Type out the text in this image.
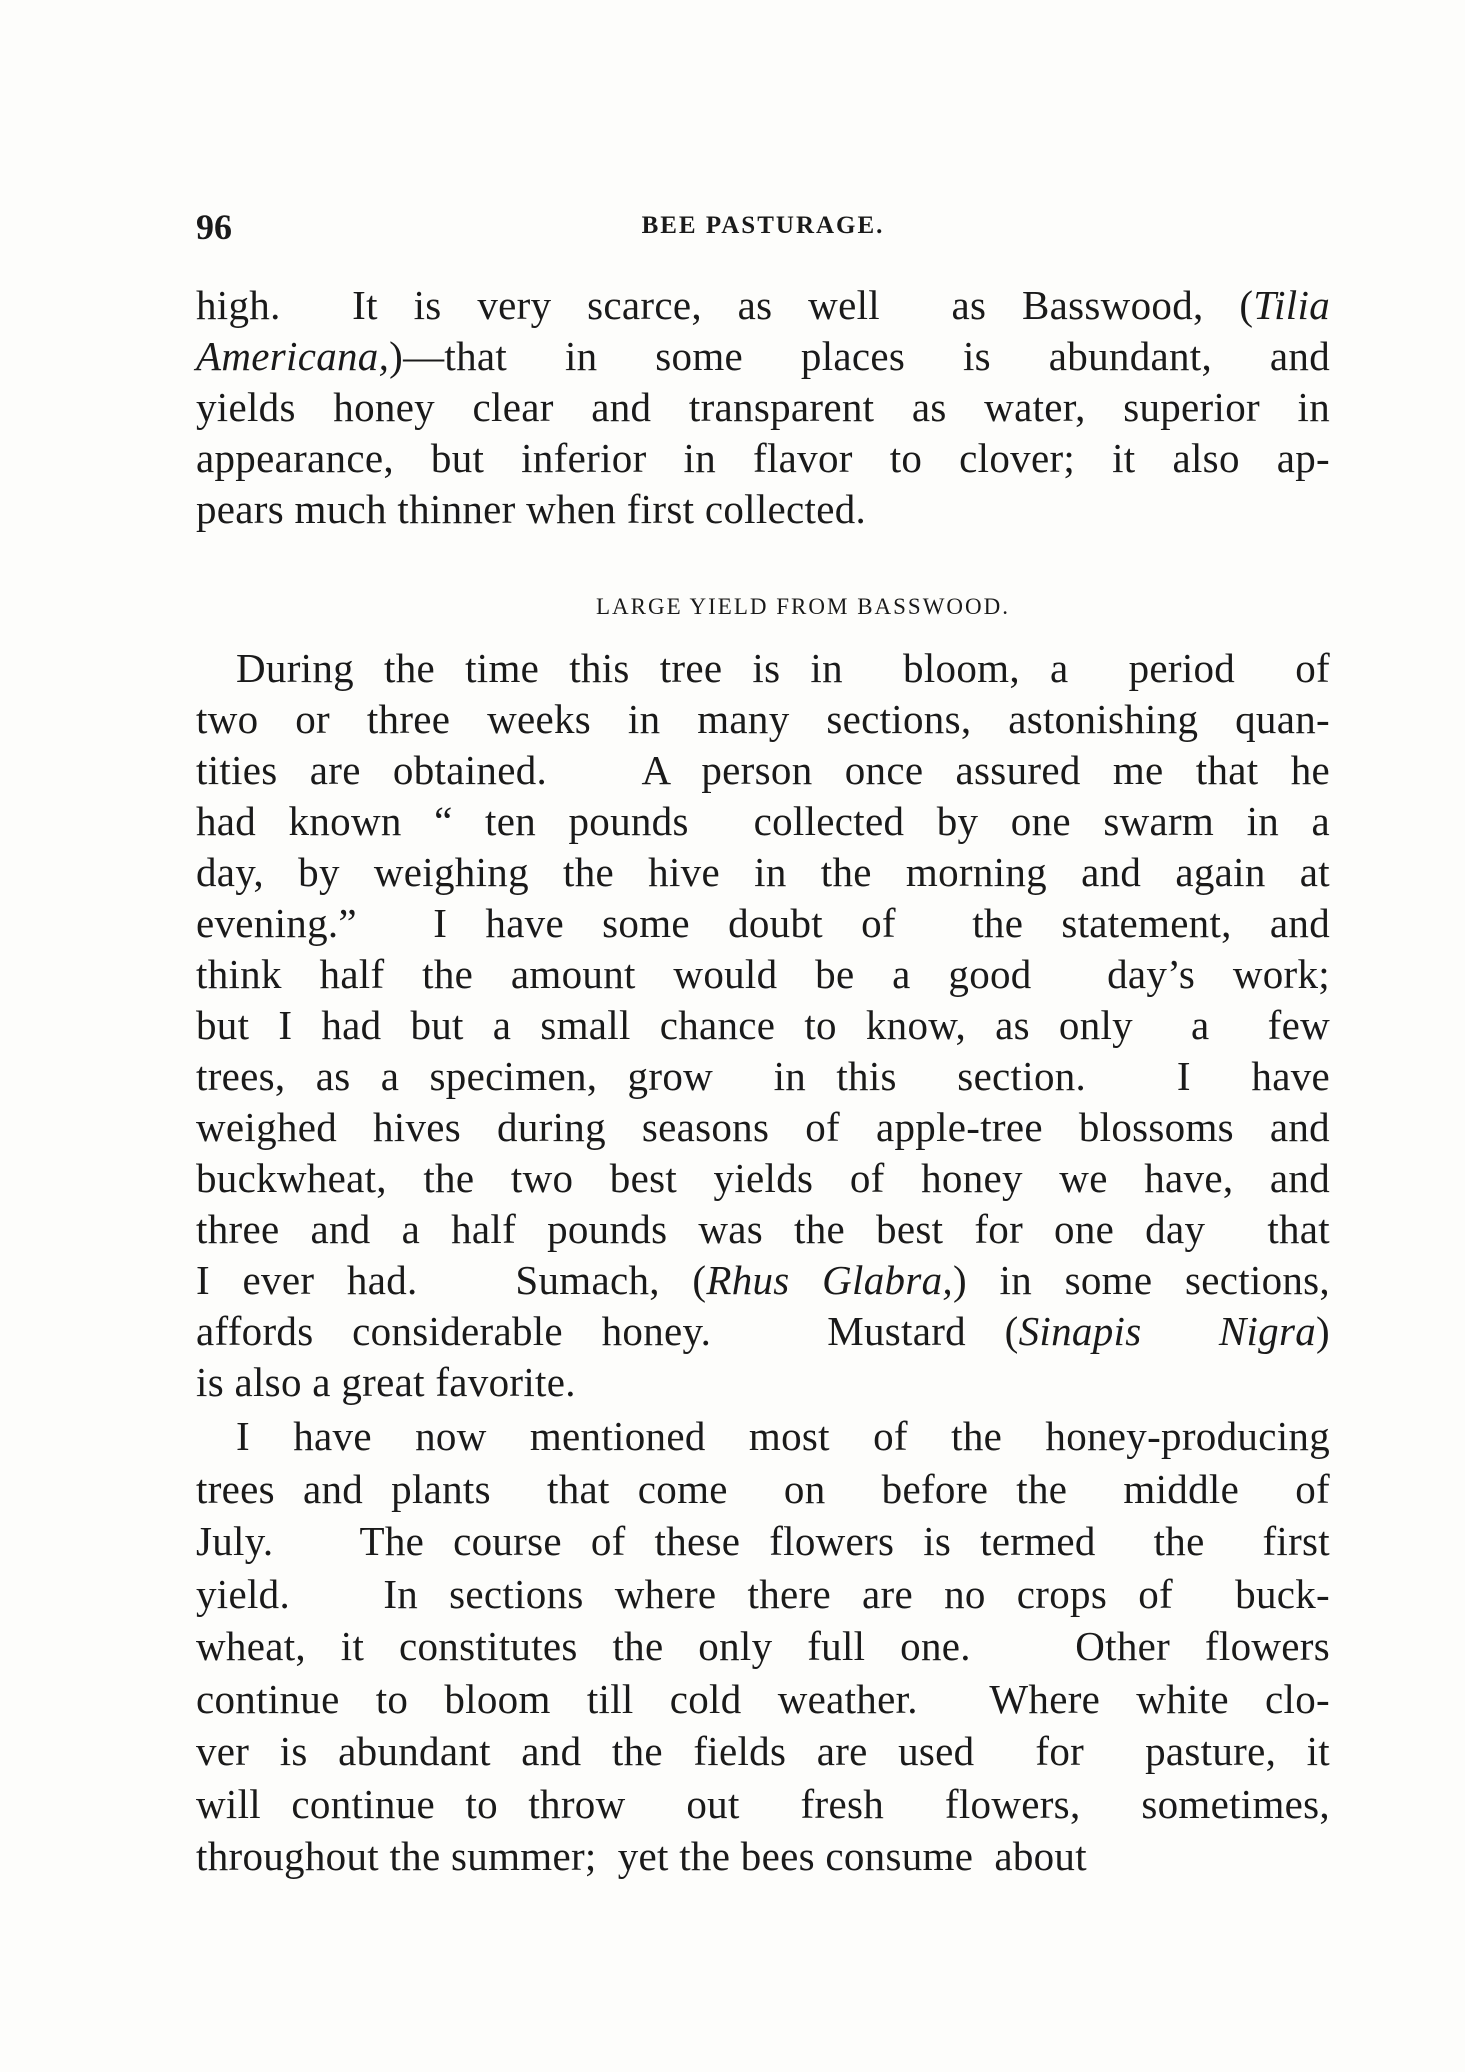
96	BEE PASTURAGE.
high.  It is very scarce, as well  as Basswood, (Tilia
Americana,)—that in some places is abundant, and
yields honey clear and transparent as water, superior in
appearance, but inferior in flavor to clover; it also ap-
pears much thinner when first collected.
LARGE YIELD FROM BASSWOOD.
During the time this tree is in  bloom, a  period  of
two or three weeks in many sections, astonishing quan-
tities are obtained.   A person once assured me that he
had known “ ten pounds  collected by one swarm in a
day, by weighing the hive in the morning and again at
evening.”  I have some doubt of  the statement, and
think half the amount would be a good  day’s work;
but I had but a small chance to know, as only  a  few
trees, as a specimen, grow  in this  section.   I  have
weighed hives during seasons of apple-tree blossoms and
buckwheat, the two best yields of honey we have, and
three and a half pounds was the best for one day  that
I ever had.   Sumach, (Rhus Glabra,) in some sections,
affords considerable honey.   Mustard (Sinapis  Nigra)
is also a great favorite.
I have now mentioned most of the honey-producing
trees and plants  that come  on  before the  middle  of
July.   The course of these flowers is termed  the  first
yield.   In sections where there are no crops of  buck-
wheat, it constitutes the only full one.   Other flowers
continue to bloom till cold weather.  Where white clo-
ver is abundant and the fields are used  for  pasture, it
will continue to throw  out  fresh  flowers,  sometimes,
throughout the summer;  yet the bees consume  about
